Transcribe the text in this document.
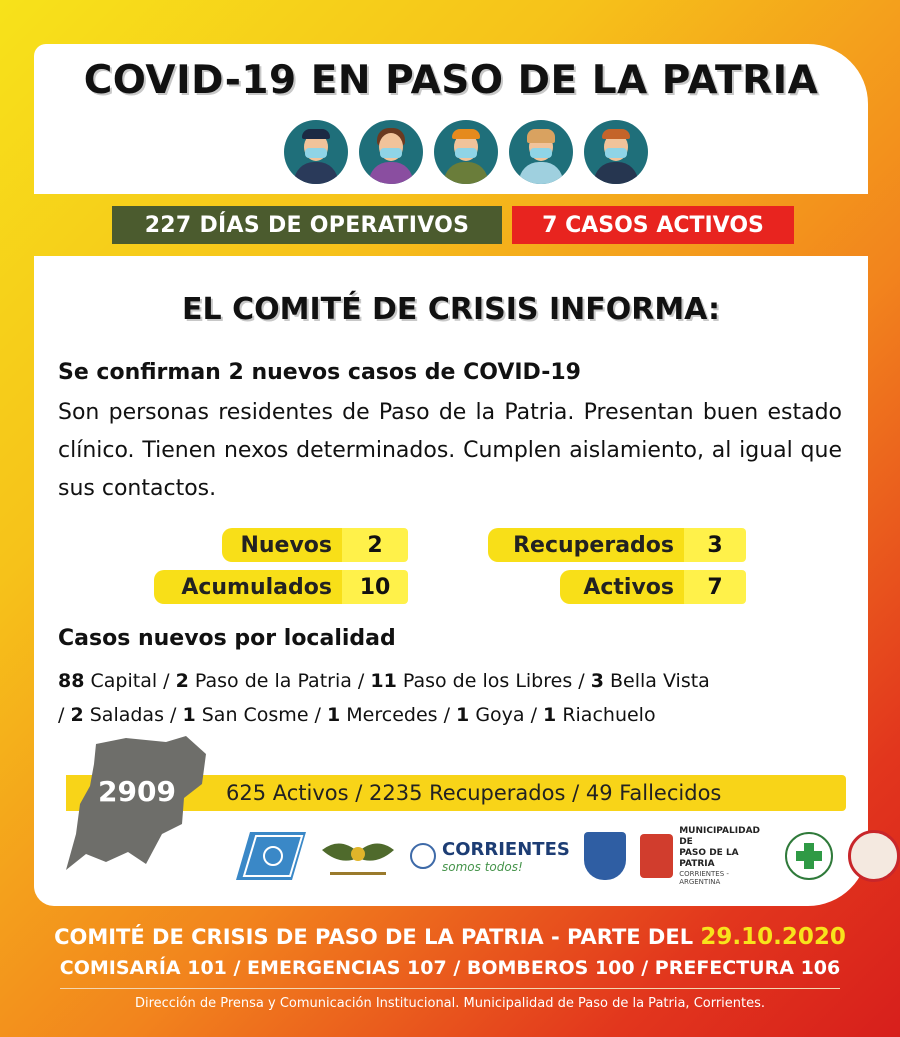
COVID-19 EN PASO DE LA PATRIA
227 DÍAS DE OPERATIVOS	7 CASOS ACTIVOS
EL COMITÉ DE CRISIS INFORMA:
Se confirman 2 nuevos casos de COVID-19
Son personas residentes de Paso de la Patria. Presentan buen estado clínico. Tienen nexos determinados. Cumplen aislamiento, al igual que sus contactos.
Casos nuevos por localidad
88 Capital / 2 Paso de la Patria / 11 Paso de los Libres / 3 Bella Vista
/ 2 Saladas / 1 San Cosme / 1 Mercedes / 1 Goya / 1 Riachuelo
Nuevos	2
Acumulados	10
Recuperados	3
Activos	7
625 Activos / 2235 Recuperados / 49 Fallecidos
2909
CORRIENTES
somos todos!
MUNICIPALIDAD DE
PASO DE LA PATRIA
CORRIENTES - ARGENTINA
COMITÉ DE CRISIS DE PASO DE LA PATRIA - PARTE DEL 29.10.2020
COMISARÍA 101 / EMERGENCIAS 107 / BOMBEROS 100 / PREFECTURA 106
Dirección de Prensa y Comunicación Institucional. Municipalidad de Paso de la Patria, Corrientes.
